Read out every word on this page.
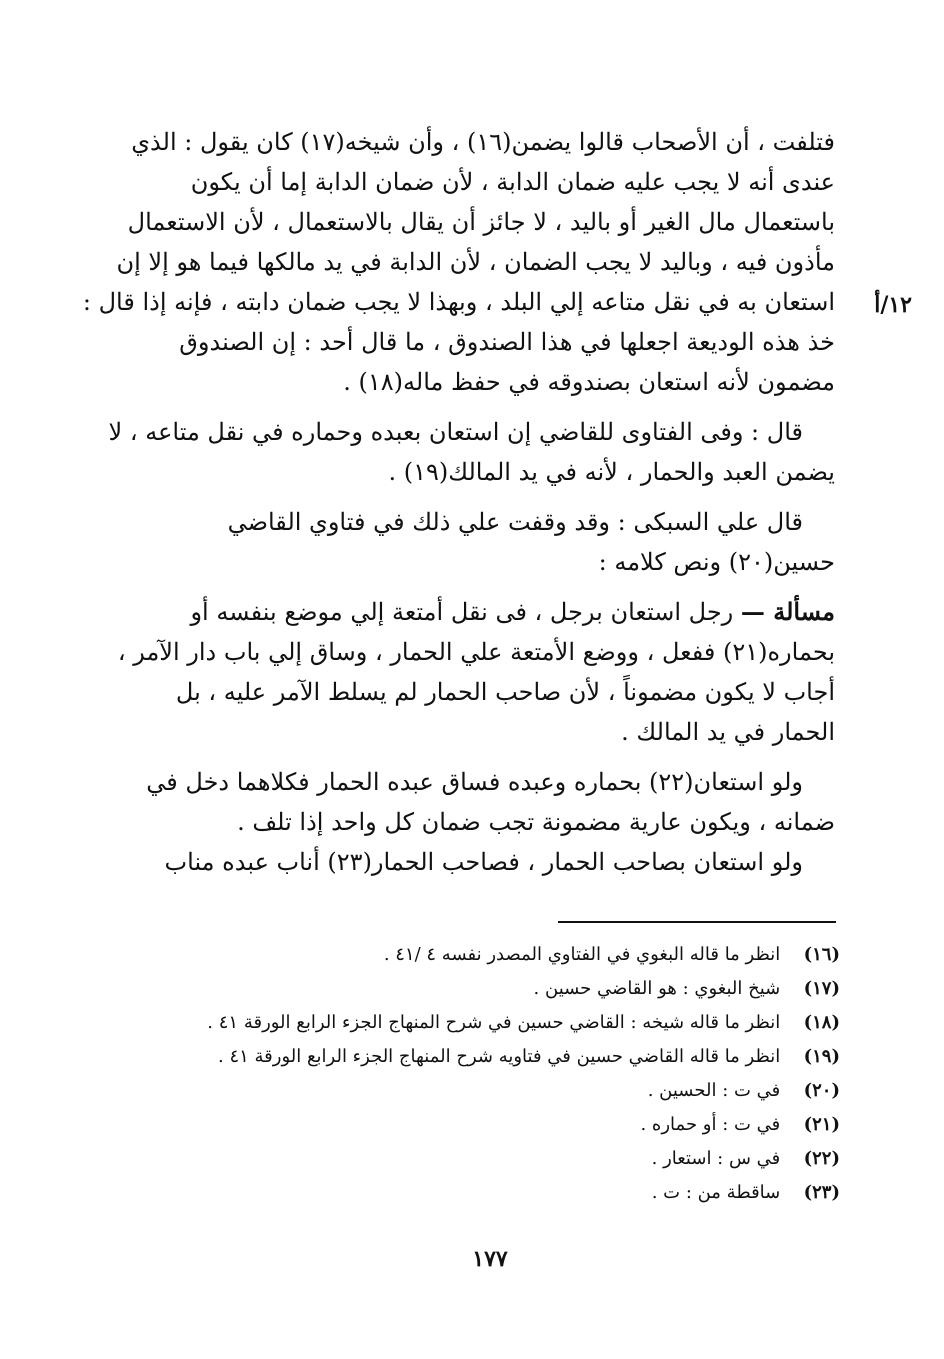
١٢/أ
فتلفت ، أن الأصحاب قالوا يضمن(١٦) ، وأن شيخه(١٧) كان يقول : الذي
عندى أنه لا يجب عليه ضمان الدابة ، لأن ضمان الدابة إما أن يكون
باستعمال مال الغير أو باليد ، لا جائز أن يقال بالاستعمال ، لأن الاستعمال
مأذون فيه ، وباليد لا يجب الضمان ، لأن الدابة في يد مالكها فيما هو إلا إن
استعان به في نقل متاعه إلي البلد ، وبهذا لا يجب ضمان دابته ، فإنه إذا قال :
خذ هذه الوديعة اجعلها في هذا الصندوق ، ما قال أحد : إن الصندوق
مضمون لأنه استعان بصندوقه في حفظ ماله(١٨) .
قال : وفى الفتاوى للقاضي إن استعان بعبده وحماره في نقل متاعه ، لا
يضمن العبد والحمار ، لأنه في يد المالك(١٩) .
قال علي السبكى : وقد وقفت علي ذلك في فتاوي القاضي
حسين(٢٠) ونص كلامه :
مسألة — رجل استعان برجل ، فى نقل أمتعة إلي موضع بنفسه أو
بحماره(٢١) ففعل ، ووضع الأمتعة علي الحمار ، وساق إلي باب دار الآمر ،
أجاب لا يكون مضموناً ، لأن صاحب الحمار لم يسلط الآمر عليه ، بل
الحمار في يد المالك .
ولو استعان(٢٢) بحماره وعبده فساق عبده الحمار فكلاهما دخل في
ضمانه ، ويكون عارية مضمونة تجب ضمان كل واحد إذا تلف .
ولو استعان بصاحب الحمار ، فصاحب الحمار(٢٣) أناب عبده مناب
(١٦) انظر ما قاله البغوي في الفتاوي المصدر نفسه ٤ /٤١ .
(١٧) شيخ البغوي : هو القاضي حسين .
(١٨) انظر ما قاله شيخه : القاضي حسين في شرح المنهاج الجزء الرابع الورقة ٤١ .
(١٩) انظر ما قاله القاضي حسين في فتاويه شرح المنهاج الجزء الرابع الورقة ٤١ .
(٢٠) في ت : الحسين .
(٢١) في ت : أو حماره .
(٢٢) في س : استعار .
(٢٣) ساقطة من : ت .
١٧٧
